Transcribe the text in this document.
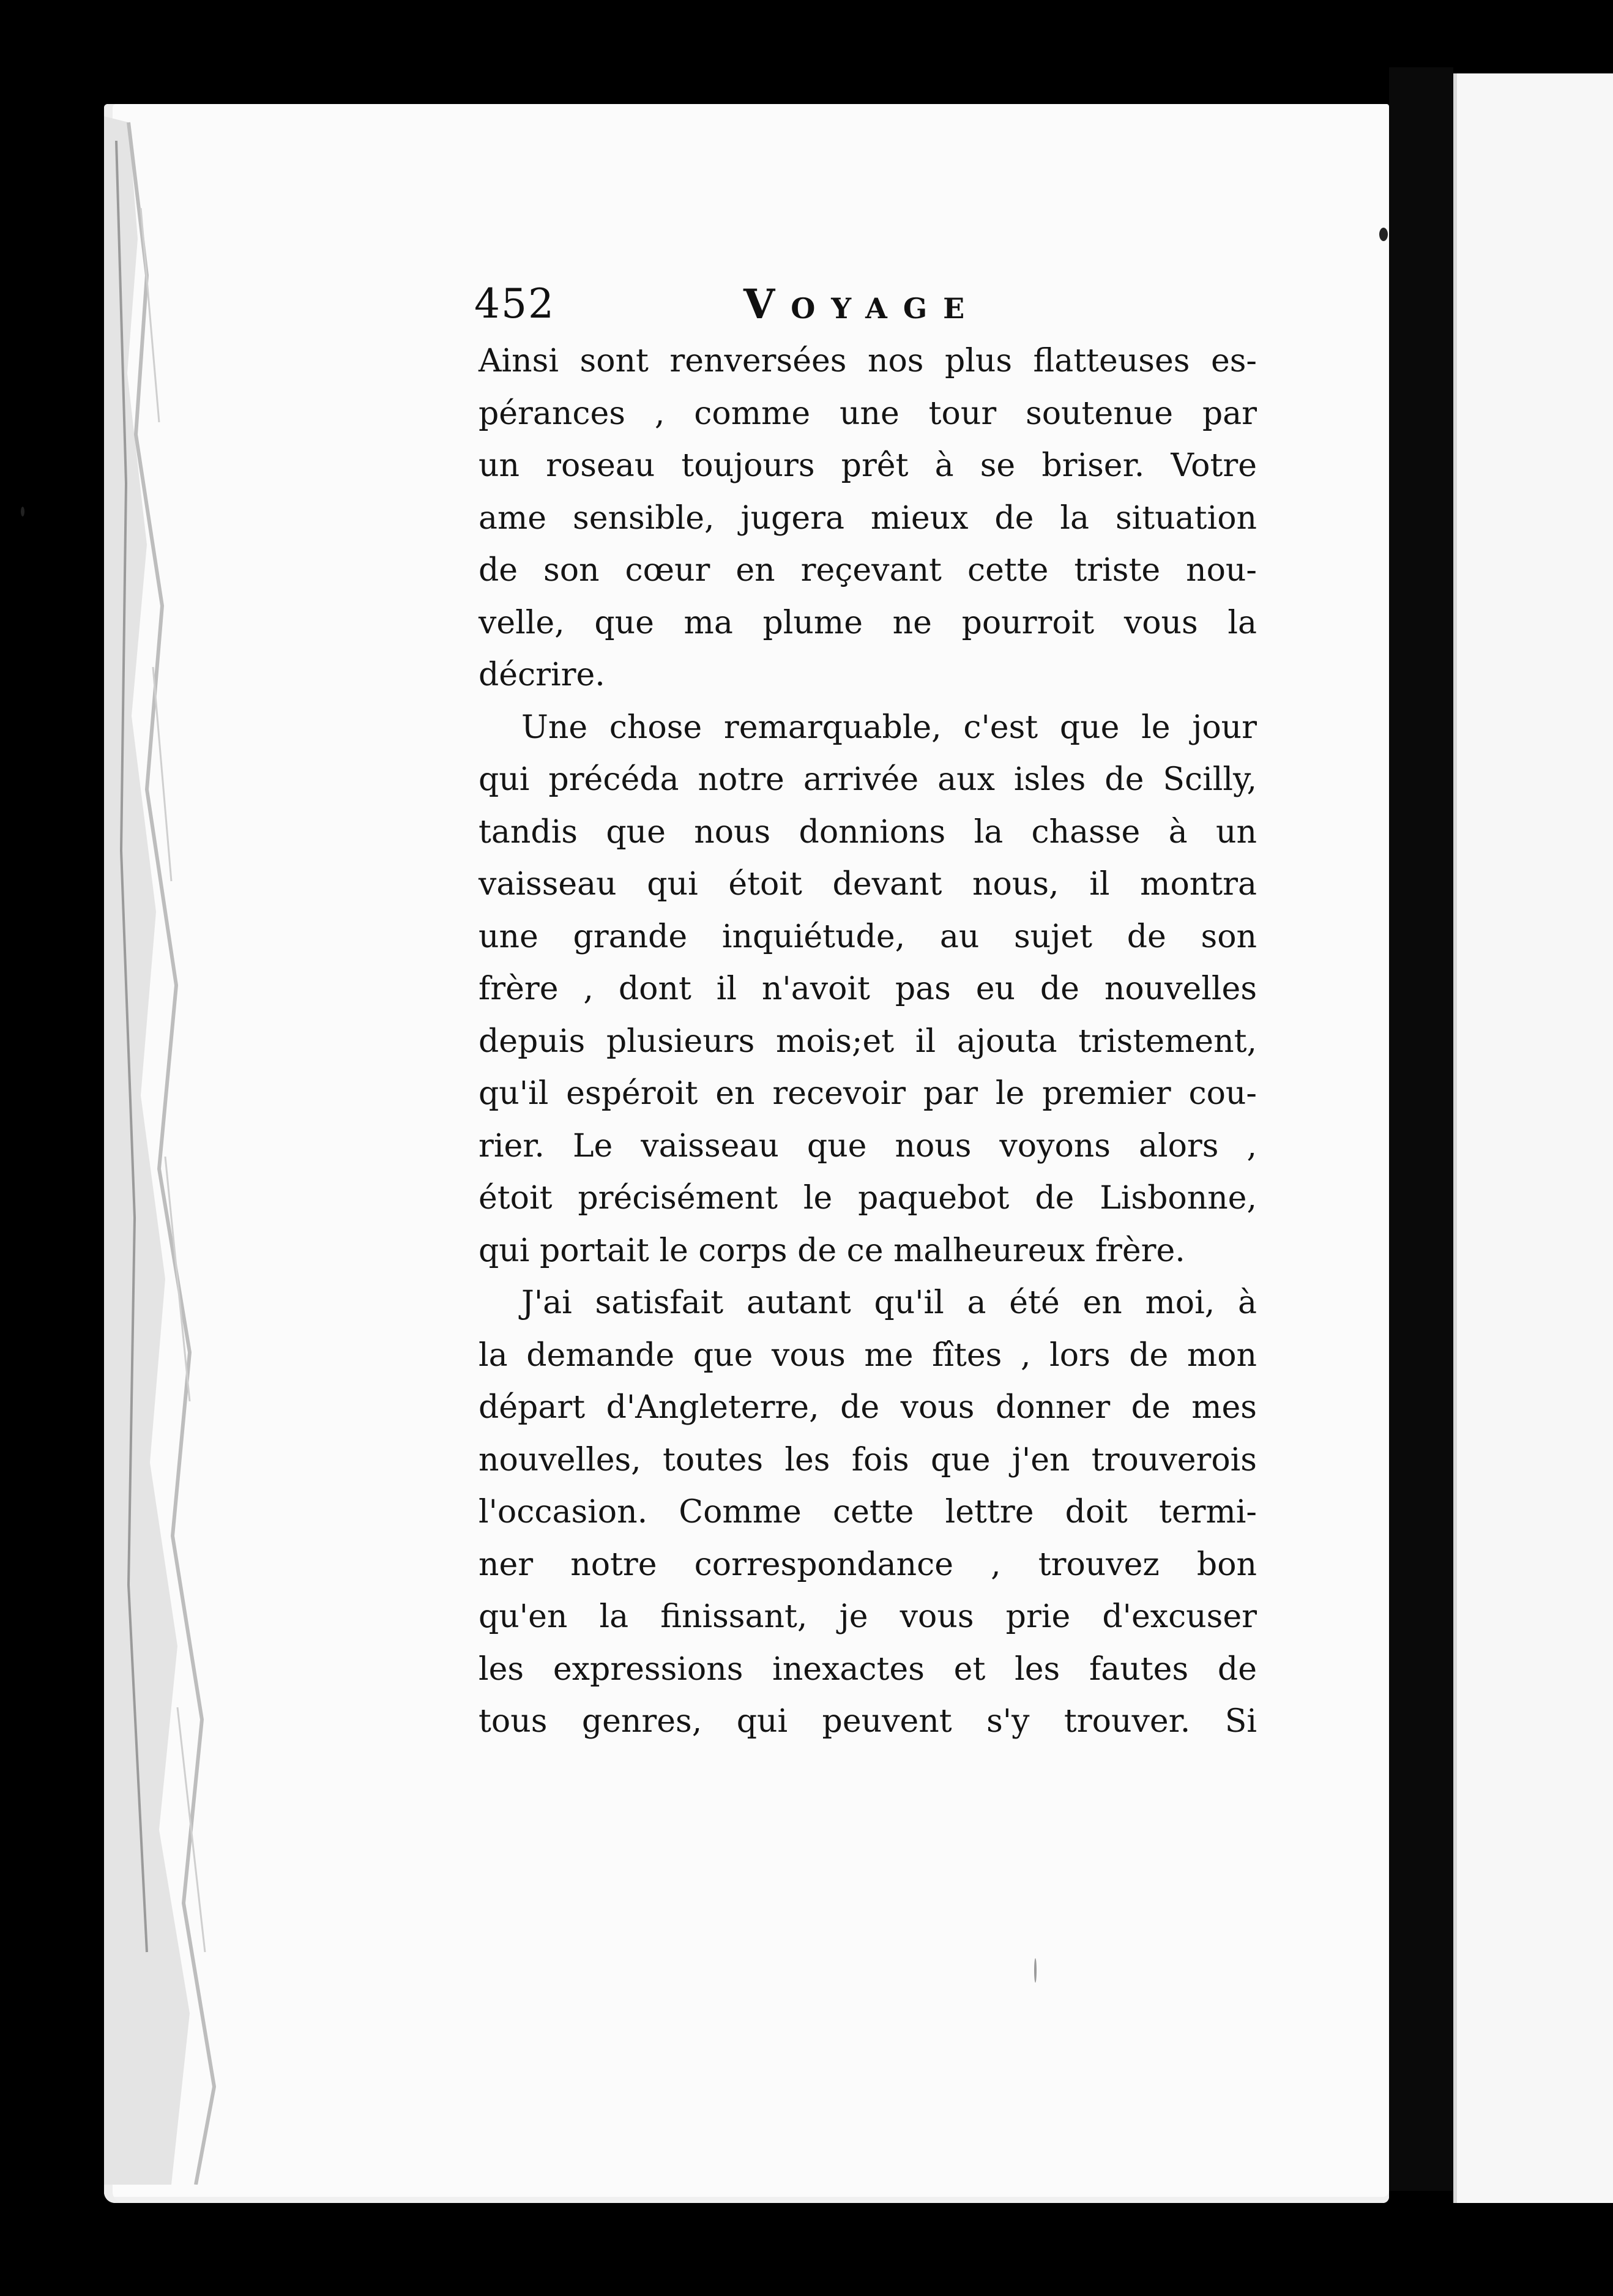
452	Voyage
Ainsi sont renversées nos plus flatteuses es-
pérances , comme une tour soutenue par
un roseau toujours prêt à se briser. Votre
ame sensible, jugera mieux de la situation
de son cœur en reçevant cette triste nou-
velle, que ma plume ne pourroit vous la
décrire.
Une chose remarquable, c'est que le jour
qui précéda notre arrivée aux isles de Scilly,
tandis que nous donnions la chasse à un
vaisseau qui étoit devant nous, il montra
une grande inquiétude, au sujet de son
frère , dont il n'avoit pas eu de nouvelles
depuis plusieurs mois;et il ajouta tristement,
qu'il espéroit en recevoir par le premier cou-
rier. Le vaisseau que nous voyons alors ,
étoit précisément le paquebot de Lisbonne,
qui portait le corps de ce malheureux frère.
J'ai satisfait autant qu'il a été en moi, à
la demande que vous me fîtes , lors de mon
départ d'Angleterre, de vous donner de mes
nouvelles, toutes les fois que j'en trouverois
l'occasion. Comme cette lettre doit termi-
ner notre correspondance , trouvez bon
qu'en la finissant, je vous prie d'excuser
les expressions inexactes et les fautes de
tous genres, qui peuvent s'y trouver. Si
